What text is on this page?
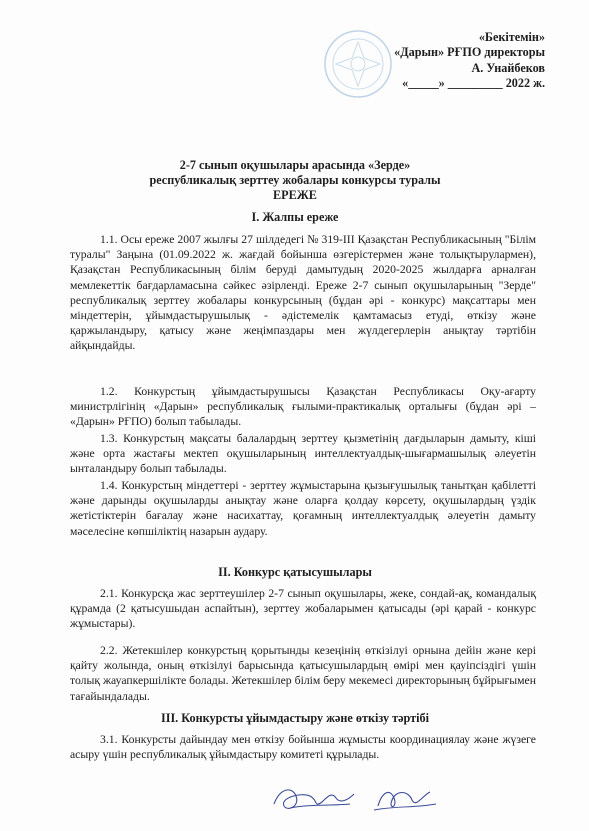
«Бекітемін»
«Дарын» РҒПО директоры
А. Унайбеков
«_____» _________ 2022 ж.
2-7 сынып оқушылары арасында «Зерде»
республикалық зерттеу жобалары конкурсы туралы
ЕРЕЖЕ
I. Жалпы ереже

1.1. Осы ереже 2007 жылғы 27 шілдедегі № 319-ІІІ Қазақстан Республикасының "Білім туралы" Заңына (01.09.2022 ж. жағдай бойынша өзгерістермен және толықтырулармен), Қазақстан Республикасының білім беруді дамытудың 2020-2025 жылдарға арналған мемлекеттік бағдарламасына сәйкес әзірленді. Ереже 2-7 сынып оқушыларының "Зерде" республикалық зерттеу жобалары конкурсының (бұдан әрі - конкурс) мақсаттары мен міндеттерін, ұйымдастырушылық - әдістемелік қамтамасыз етуді, өткізу және қаржыландыру, қатысу және жеңімпаздары мен жүлдегерлерін анықтау тәртібін айқындайды.

1.2. Конкурстың ұйымдастырушысы Қазақстан Республикасы Оқу-ағарту министрлігінің «Дарын» республикалық ғылыми-практикалық орталығы (бұдан әрі – «Дарын» РҒПО) болып табылады.

1.3. Конкурстың мақсаты балалардың зерттеу қызметінің дағдыларын дамыту, кіші және орта жастағы мектеп оқушыларының интеллектуалдық-шығармашылық әлеуетін ынталандыру болып табылады.

1.4. Конкурстың міндеттері - зерттеу жұмыстарына қызығушылық танытқан қабілетті және дарынды оқушыларды анықтау және оларға қолдау көрсету, оқушылардың үздік жетістіктерін бағалау және насихаттау, қоғамның интеллектуалдық әлеуетін дамыту мәселесіне көпшіліктің назарын аудару.

II. Конкурс қатысушылары

2.1. Конкурсқа жас зерттеушілер 2-7 сынып оқушылары, жеке, сондай-ақ, командалық құрамда (2 қатысушыдан аспайтын), зерттеу жобаларымен қатысады (әрі қарай - конкурс жұмыстары).

2.2. Жетекшілер конкурстың қорытынды кезеңінің өткізілуі орнына дейін және кері қайту жолында, оның өткізілуі барысында қатысушылардың өмірі мен қауіпсіздігі үшін толық жауапкершілікте болады. Жетекшілер білім беру мекемесі директорының бұйрығымен тағайындалады.

III. Конкурсты ұйымдастыру және өткізу тәртібі

3.1. Конкурсты дайындау мен өткізу бойынша жұмысты координациялау және жүзеге асыру үшін республикалық ұйымдастыру комитеті құрылады.
